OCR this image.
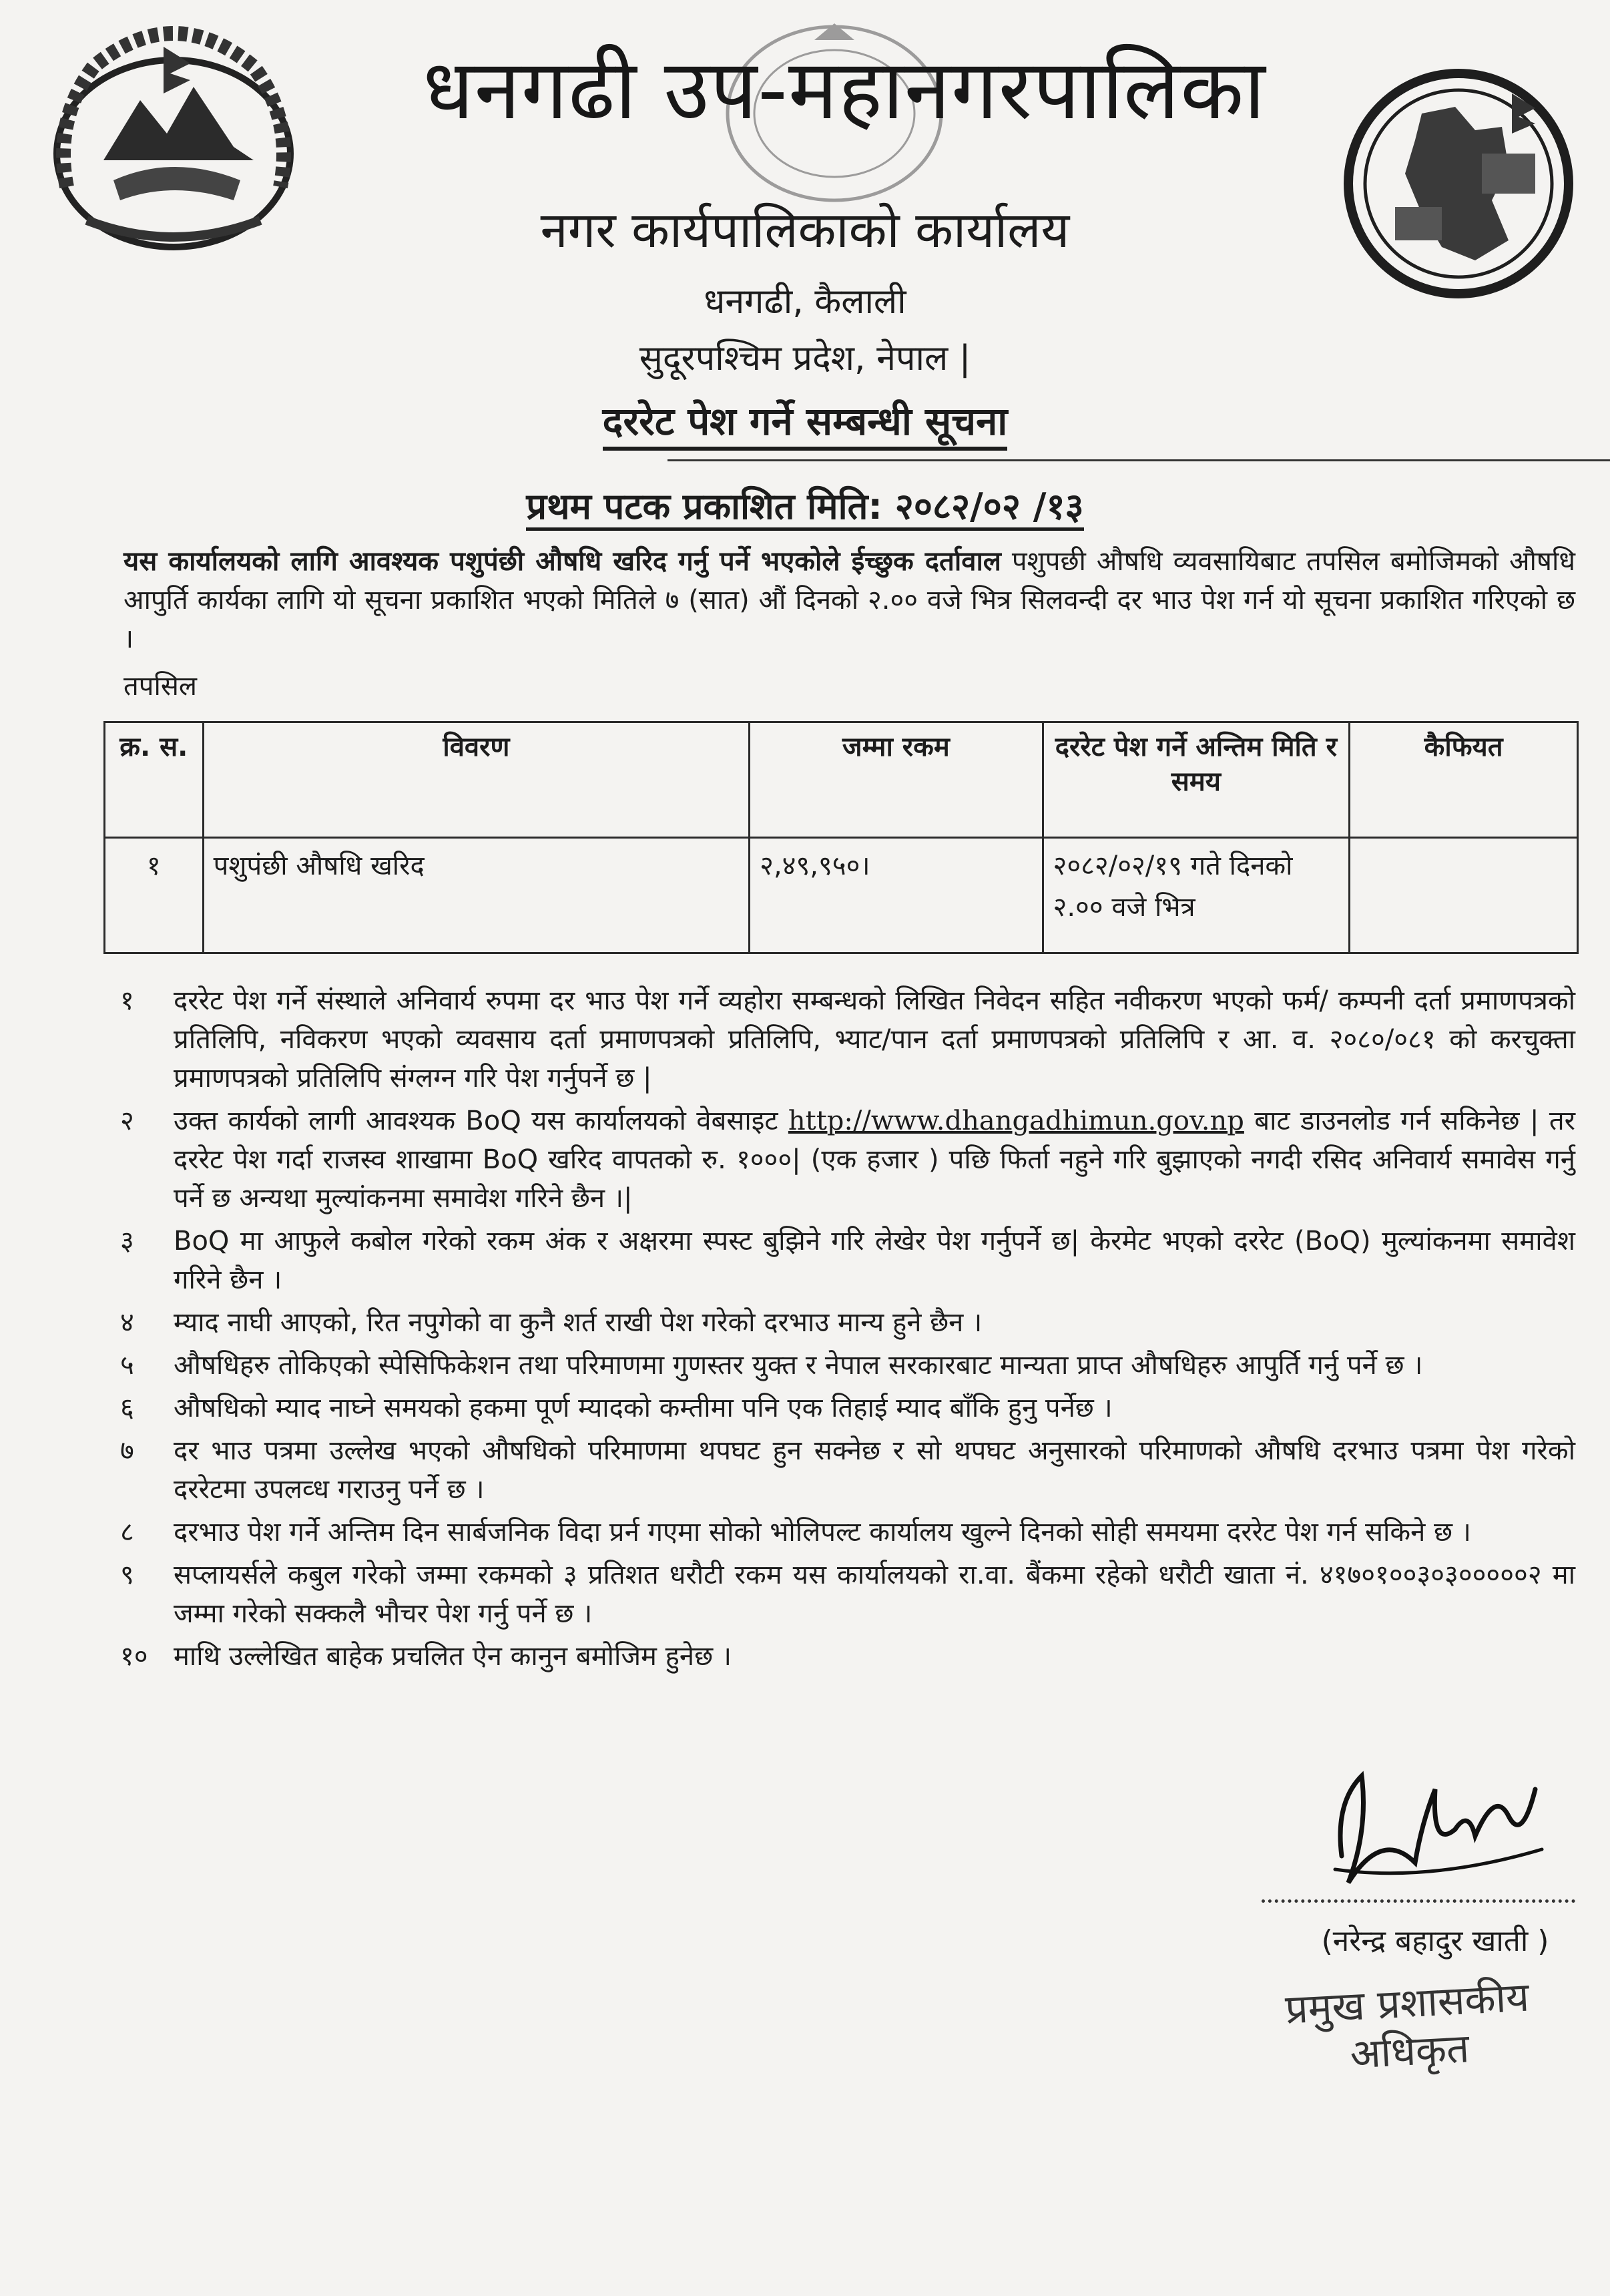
धनगढी उप-महानगरपालिका
नगर कार्यपालिकाको कार्यालय
धनगढी, कैलाली
सुदूरपश्चिम प्रदेश, नेपाल |
दररेट पेश गर्ने सम्बन्धी सूचना
प्रथम पटक प्रकाशित मिति: २०८२/०२ /१३
यस कार्यालयको लागि आवश्यक पशुपंछी औषधि खरिद गर्नु पर्ने भएकोले ईच्छुक दर्तावाल पशुपछी औषधि व्यवसायिबाट तपसिल बमोजिमको औषधि आपुर्ति कार्यका लागि यो सूचना प्रकाशित भएको मितिले ७ (सात) औं दिनको २.०० वजे भित्र सिलवन्दी दर भाउ पेश गर्न यो सूचना प्रकाशित गरिएको छ ।
तपसिल
क्र. स.	विवरण	जम्मा रकम	दररेट पेश गर्ने अन्तिम मिति र समय	कैफियत
१	पशुपंछी औषधि खरिद	२,४९,९५०।	२०८२/०२/१९ गते दिनको २.०० वजे भित्र	
१	दररेट पेश गर्ने संस्थाले अनिवार्य रुपमा दर भाउ पेश गर्ने व्यहोरा सम्बन्धको लिखित निवेदन सहित नवीकरण भएको फर्म/ कम्पनी दर्ता प्रमाणपत्रको प्रतिलिपि, नविकरण भएको व्यवसाय दर्ता प्रमाणपत्रको प्रतिलिपि, भ्याट/पान दर्ता प्रमाणपत्रको प्रतिलिपि र आ. व. २०८०/०८१ को करचुक्ता प्रमाणपत्रको प्रतिलिपि संग्लग्न गरि पेश गर्नुपर्ने छ |
२	उक्त कार्यको लागी आवश्यक BoQ यस कार्यालयको वेबसाइट http://www.dhangadhimun.gov.np बाट डाउनलोड गर्न सकिनेछ | तर दररेट पेश गर्दा राजस्व शाखामा BoQ खरिद वापतको रु. १०००| (एक हजार ) पछि फिर्ता नहुने गरि बुझाएको नगदी रसिद अनिवार्य समावेस गर्नु पर्ने छ अन्यथा मुल्यांकनमा समावेश गरिने छैन ।|
३	BoQ मा आफुले कबोल गरेको रकम अंक र अक्षरमा स्पस्ट बुझिने गरि लेखेर पेश गर्नुपर्ने छ| केरमेट भएको दररेट (BoQ) मुल्यांकनमा समावेश गरिने छैन ।
४	म्याद नाघी आएको, रित नपुगेको वा कुनै शर्त राखी पेश गरेको दरभाउ मान्य हुने छैन ।
५	औषधिहरु तोकिएको स्पेसिफिकेशन तथा परिमाणमा गुणस्तर युक्त र नेपाल सरकारबाट मान्यता प्राप्त औषधिहरु आपुर्ति गर्नु पर्ने छ ।
६	औषधिको म्याद नाघ्ने समयको हकमा पूर्ण म्यादको कम्तीमा पनि एक तिहाई म्याद बाँकि हुनु पर्नेछ ।
७	दर भाउ पत्रमा उल्लेख भएको औषधिको परिमाणमा थपघट हुन सक्नेछ र सो थपघट अनुसारको परिमाणको औषधि दरभाउ पत्रमा पेश गरेको दररेटमा उपलव्ध गराउनु पर्ने छ ।
८	दरभाउ पेश गर्ने अन्तिम दिन सार्बजनिक विदा प्रर्न गएमा सोको भोलिपल्ट कार्यालय खुल्ने दिनको सोही समयमा दररेट पेश गर्न सकिने छ ।
९	सप्लायर्सले कबुल गरेको जम्मा रकमको ३ प्रतिशत धरौटी रकम यस कार्यालयको रा.वा. बैंकमा रहेको धरौटी खाता नं. ४१७०१००३०३०००००२ मा जम्मा गरेको सक्कलै भौचर पेश गर्नु पर्ने छ ।
१० माथि उल्लेखित बाहेक प्रचलित ऐन कानुन बमोजिम हुनेछ ।
(नरेन्द्र बहादुर खाती )
प्रमुख प्रशासकीय अधिकृत
